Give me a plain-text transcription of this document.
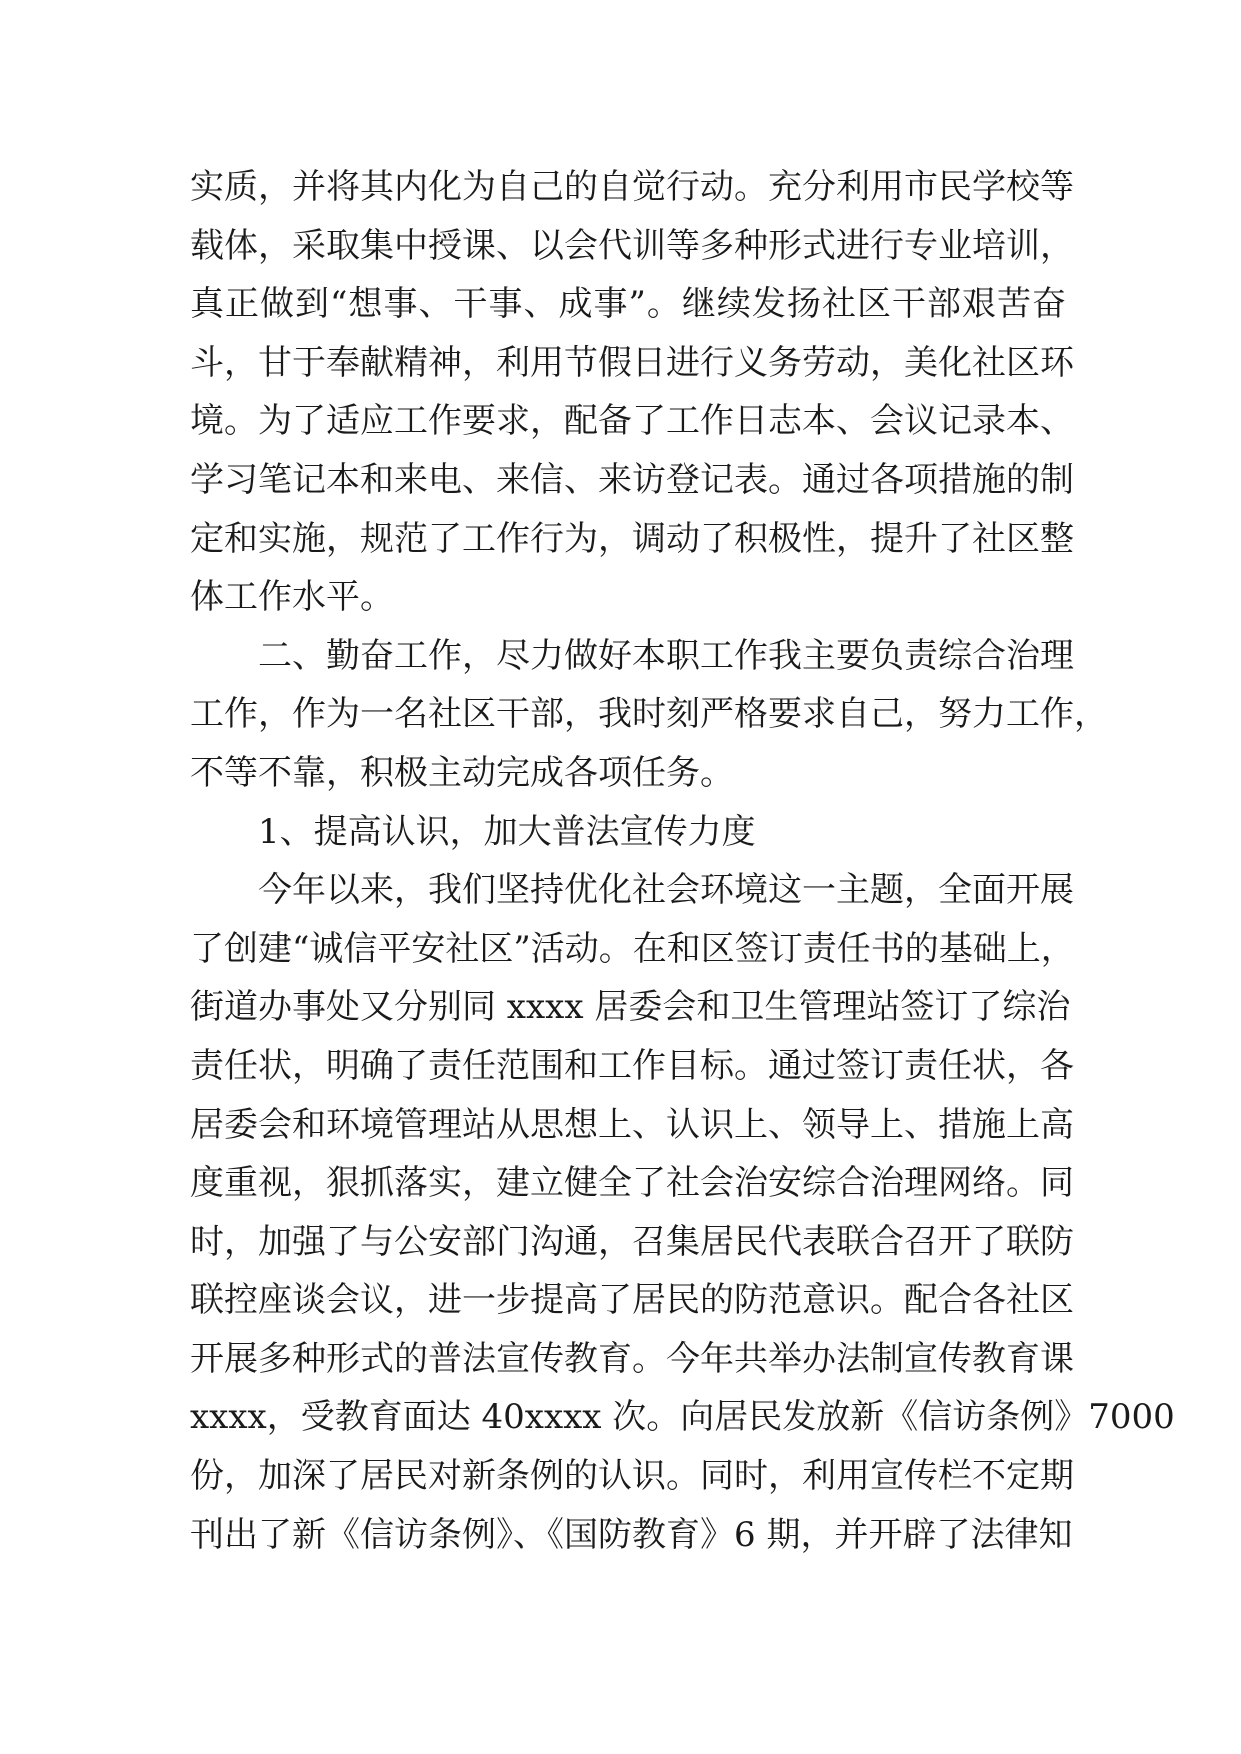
实质，并将其内化为自己的自觉行动。充分利用市民学校等
载体，采取集中授课、以会代训等多种形式进行专业培训，
真正做到“想事、干事、成事”。继续发扬社区干部艰苦奋
斗，甘于奉献精神，利用节假日进行义务劳动，美化社区环
境。为了适应工作要求，配备了工作日志本、会议记录本、
学习笔记本和来电、来信、来访登记表。通过各项措施的制
定和实施，规范了工作行为，调动了积极性，提升了社区整
体工作水平。
二、勤奋工作，尽力做好本职工作我主要负责综合治理
工作，作为一名社区干部，我时刻严格要求自己，努力工作，
不等不靠，积极主动完成各项任务。
1、提高认识，加大普法宣传力度
今年以来，我们坚持优化社会环境这一主题，全面开展
了创建“诚信平安社区”活动。在和区签订责任书的基础上，
街道办事处又分别同 xxxx 居委会和卫生管理站签订了综治
责任状，明确了责任范围和工作目标。通过签订责任状，各
居委会和环境管理站从思想上、认识上、领导上、措施上高
度重视，狠抓落实，建立健全了社会治安综合治理网络。同
时，加强了与公安部门沟通，召集居民代表联合召开了联防
联控座谈会议，进一步提高了居民的防范意识。配合各社区
开展多种形式的普法宣传教育。今年共举办法制宣传教育课
xxxx，受教育面达 40xxxx 次。向居民发放新《信访条例》7000
份，加深了居民对新条例的认识。同时，利用宣传栏不定期
刊出了新《信访条例》、《国防教育》6 期，并开辟了法律知
